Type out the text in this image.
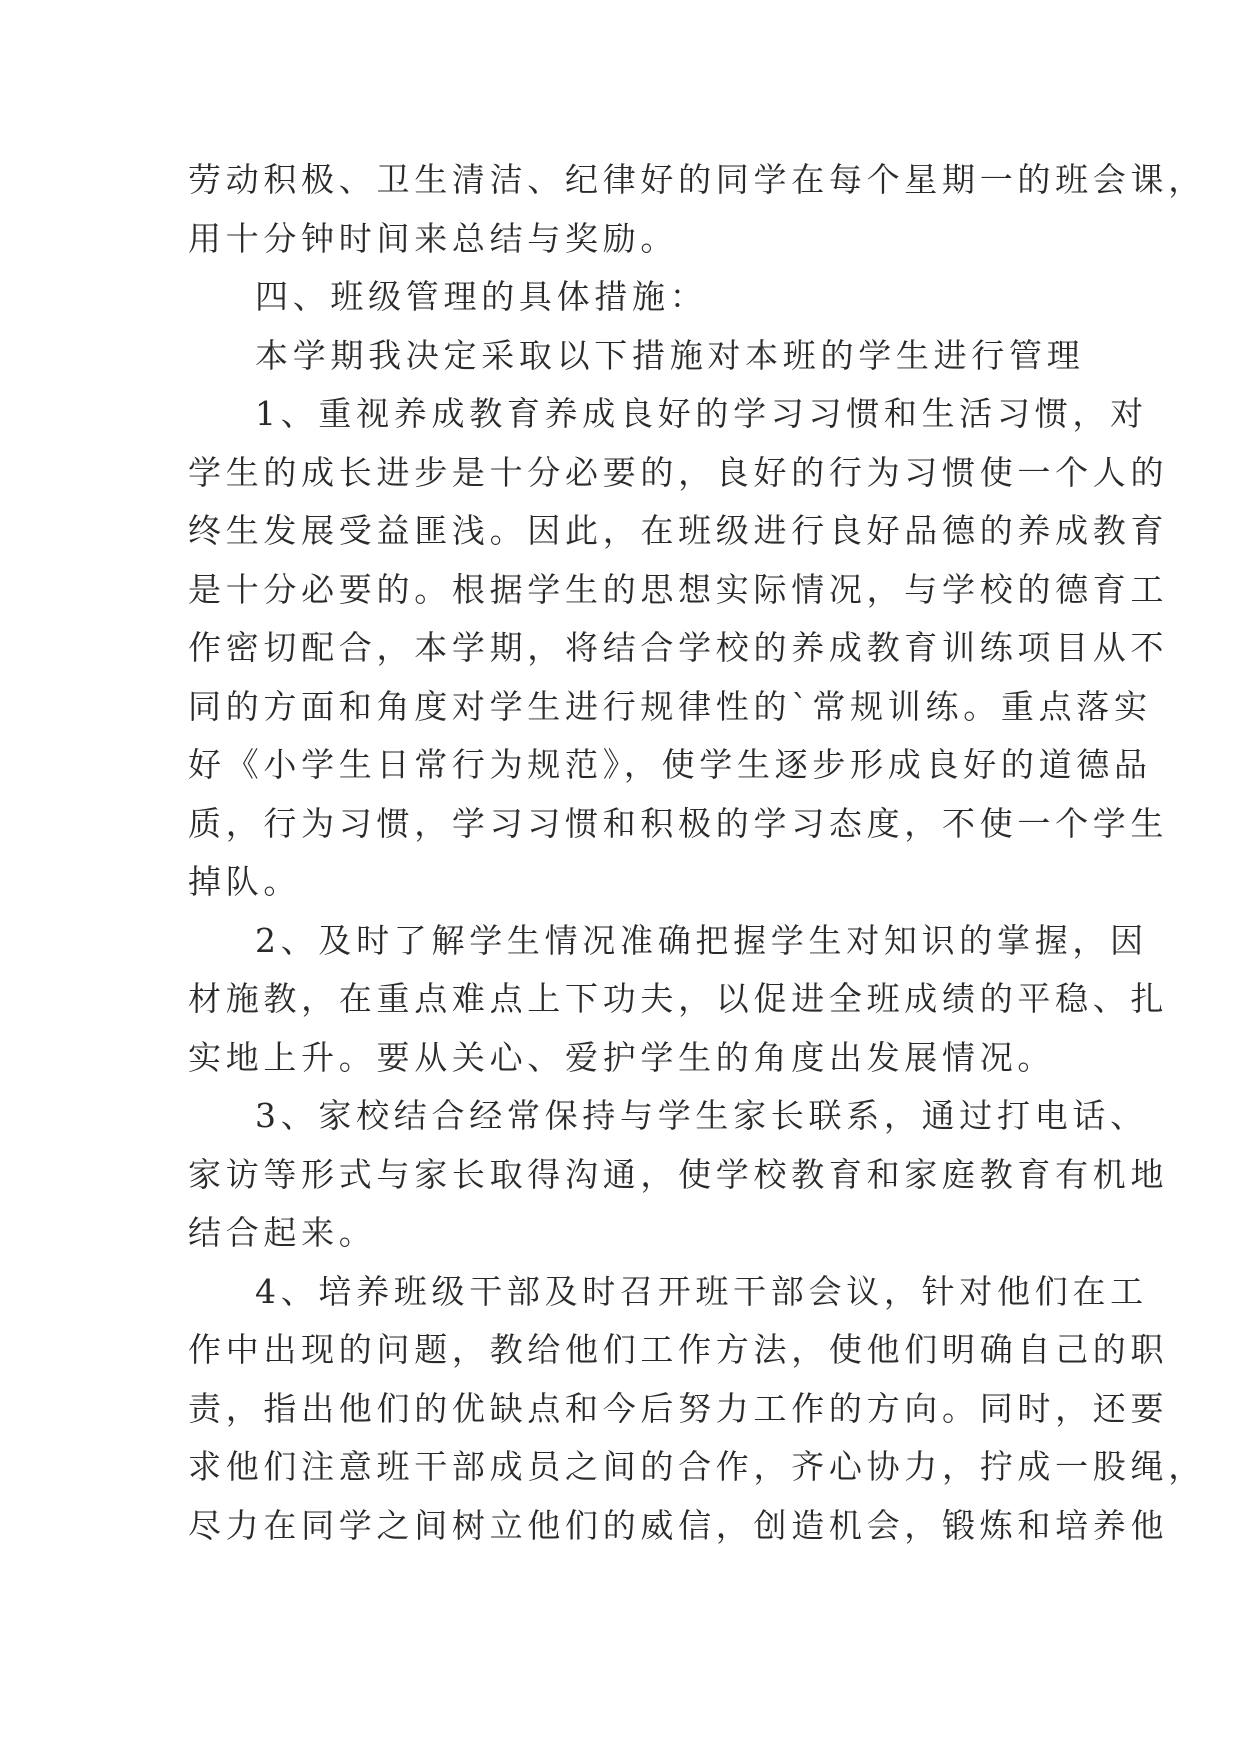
劳动积极、卫生清洁、纪律好的同学在每个星期一的班会课，
用十分钟时间来总结与奖励。
四、班级管理的具体措施：
本学期我决定采取以下措施对本班的学生进行管理
1、重视养成教育养成良好的学习习惯和生活习惯，对
学生的成长进步是十分必要的，良好的行为习惯使一个人的
终生发展受益匪浅。因此，在班级进行良好品德的养成教育
是十分必要的。根据学生的思想实际情况，与学校的德育工
作密切配合，本学期，将结合学校的养成教育训练项目从不
同的方面和角度对学生进行规律性的`常规训练。重点落实
好《小学生日常行为规范》，使学生逐步形成良好的道德品
质，行为习惯，学习习惯和积极的学习态度，不使一个学生
掉队。
2、及时了解学生情况准确把握学生对知识的掌握，因
材施教，在重点难点上下功夫，以促进全班成绩的平稳、扎
实地上升。要从关心、爱护学生的角度出发展情况。
3、家校结合经常保持与学生家长联系，通过打电话、
家访等形式与家长取得沟通，使学校教育和家庭教育有机地
结合起来。
4、培养班级干部及时召开班干部会议，针对他们在工
作中出现的问题，教给他们工作方法，使他们明确自己的职
责，指出他们的优缺点和今后努力工作的方向。同时，还要
求他们注意班干部成员之间的合作，齐心协力，拧成一股绳，
尽力在同学之间树立他们的威信，创造机会，锻炼和培养他
